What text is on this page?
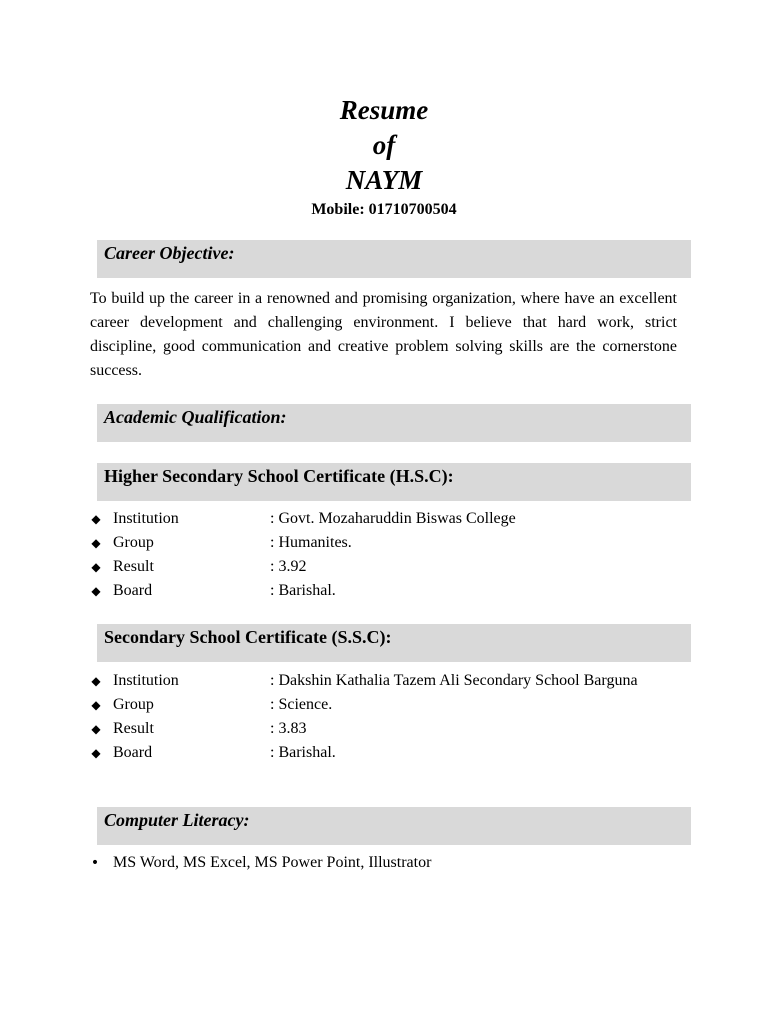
Resume
of
NAYM
Mobile: 01710700504
Career Objective:

To build up the career in a renowned and promising organization, where have an excellent career development and challenging environment. I believe that hard work, strict discipline, good communication and creative problem solving skills are the cornerstone success.

Academic Qualification:
Higher Secondary School Certificate (H.S.C):
◆ Institution	: Govt. Mozaharuddin Biswas College
◆ Group	: Humanites.
◆ Result	: 3.92
◆ Board	: Barishal.
Secondary School Certificate (S.S.C):
◆ Institution	: Dakshin Kathalia Tazem Ali Secondary School Barguna
◆ Group	: Science.
◆ Result	: 3.83
◆ Board	: Barishal.
Computer Literacy:
• MS Word, MS Excel, MS Power Point, Illustrator
